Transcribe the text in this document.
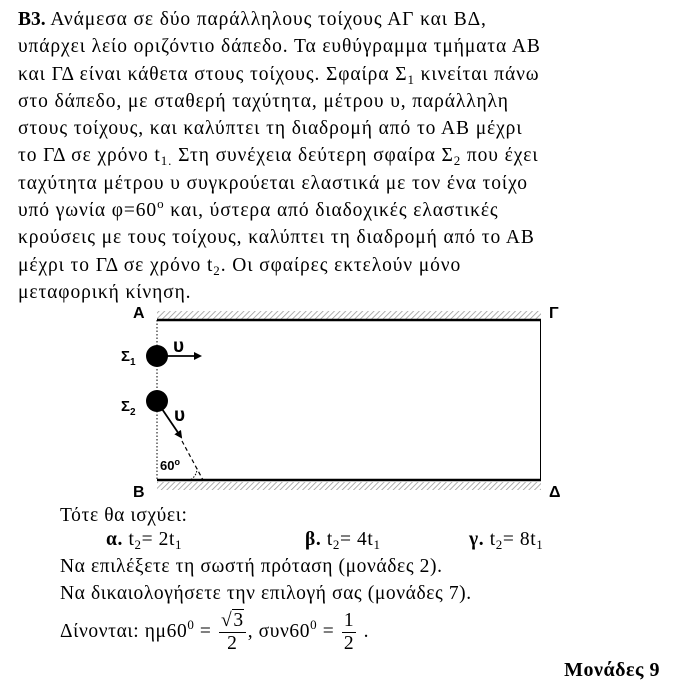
Β3. Ανάμεσα σε δύο παράλληλους τοίχους ΑΓ και ΒΔ,
υπάρχει λείο οριζόντιο δάπεδο. Τα ευθύγραμμα τμήματα ΑΒ
και ΓΔ είναι κάθετα στους τοίχους. Σφαίρα $\Sigma_1$ κινείται πάνω
στο δάπεδο, με σταθερή ταχύτητα, μέτρου υ, παράλληλη
στους τοίχους, και καλύπτει τη διαδρομή από το ΑΒ μέχρι
το ΓΔ σε χρόνο $t_{1.}$ Στη συνέχεια δεύτερη σφαίρα $\Sigma_2$ που έχει
ταχύτητα μέτρου υ συγκρούεται ελαστικά με τον ένα τοίχο
υπό γωνία $\varphi=60^o$ και, ύστερα από διαδοχικές ελαστικές
κρούσεις με τους τοίχους, καλύπτει τη διαδρομή από το ΑΒ
μέχρι το ΓΔ σε χρόνο $t_2$. Οι σφαίρες εκτελούν μόνο
μεταφορική κίνηση.
Α	Γ
Β	Δ
$\Sigma_1$
$\Sigma_2$
υ
υ
60$^o$
Τότε θα ισχύει:
α. $t_2= 2t_1$	β. $t_2= 4t_1$	γ. $t_2= 8t_1$
Να επιλέξετε τη σωστή πρόταση (μονάδες 2).
Να δικαιολογήσετε την επιλογή σας (μονάδες 7).
Δίνονται: $\eta\mu 60^0 = \frac{√3}{2}$ , $\sigma\upsilon\nu 60^0 = \frac{1}{2}$ .
Μονάδες 9
